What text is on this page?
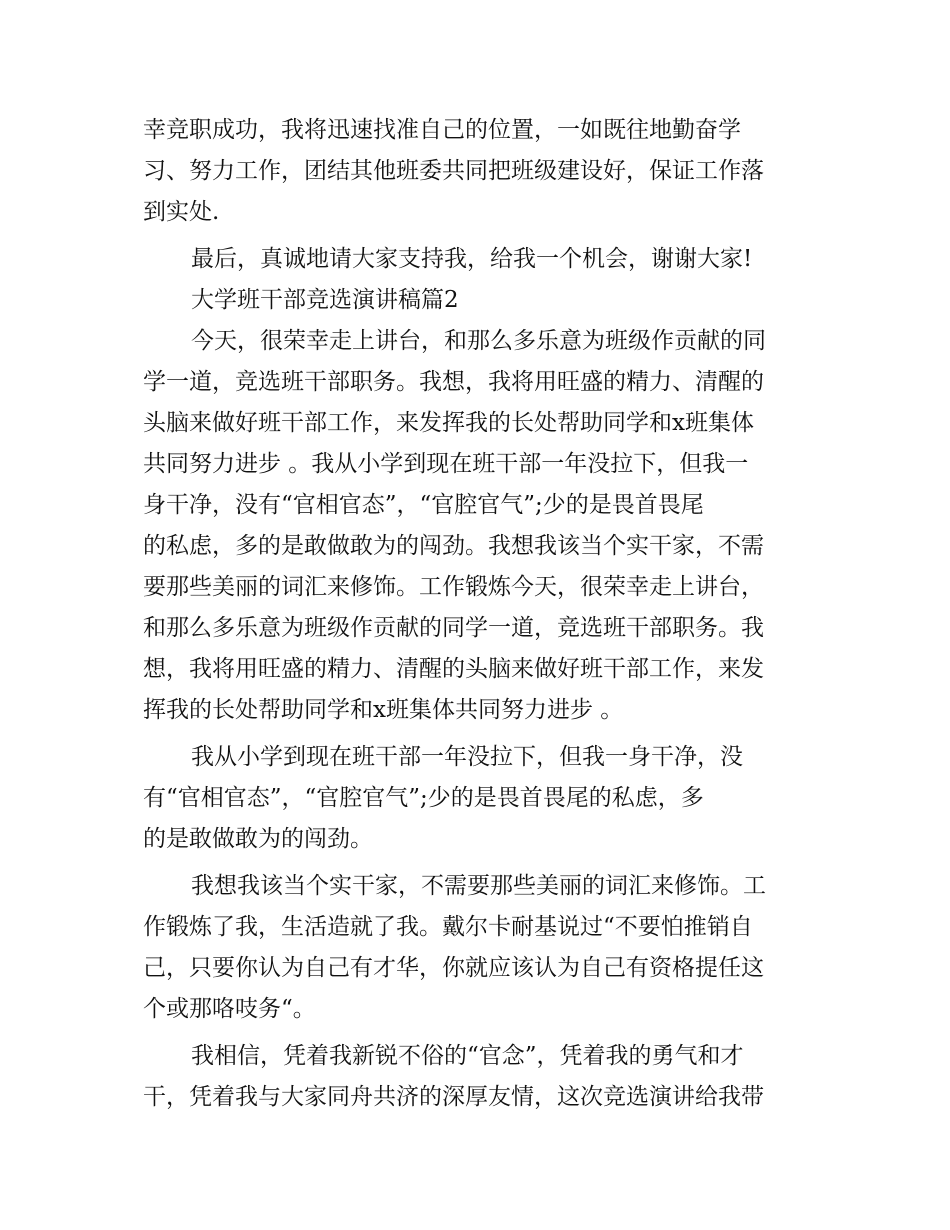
幸竞职成功，我将迅速找准自己的位置，一如既往地勤奋学
习、努力工作，团结其他班委共同把班级建设好，保证工作落
到实处.
最后，真诚地请大家支持我，给我一个机会，谢谢大家!
大学班干部竞选演讲稿篇2
今天，很荣幸走上讲台，和那么多乐意为班级作贡献的同
学一道，竞选班干部职务。我想，我将用旺盛的精力、清醒的
头脑来做好班干部工作，来发挥我的长处帮助同学和x班集体
共同努力进步 。我从小学到现在班干部一年没拉下，但我一
身干净，没有“官相官态”，“官腔官气”;少的是畏首畏尾
的私虑，多的是敢做敢为的闯劲。我想我该当个实干家，不需
要那些美丽的词汇来修饰。工作锻炼今天，很荣幸走上讲台，
和那么多乐意为班级作贡献的同学一道，竞选班干部职务。我
想，我将用旺盛的精力、清醒的头脑来做好班干部工作，来发
挥我的长处帮助同学和x班集体共同努力进步 。
我从小学到现在班干部一年没拉下，但我一身干净，没
有“官相官态”，“官腔官气”;少的是畏首畏尾的私虑，多
的是敢做敢为的闯劲。
我想我该当个实干家，不需要那些美丽的词汇来修饰。工
作锻炼了我，生活造就了我。戴尔卡耐基说过“不要怕推销自
己，只要你认为自己有才华，你就应该认为自己有资格提任这
个或那咯吱务“。
我相信，凭着我新锐不俗的“官念”，凭着我的勇气和才
干，凭着我与大家同舟共济的深厚友情，这次竞选演讲给我带
